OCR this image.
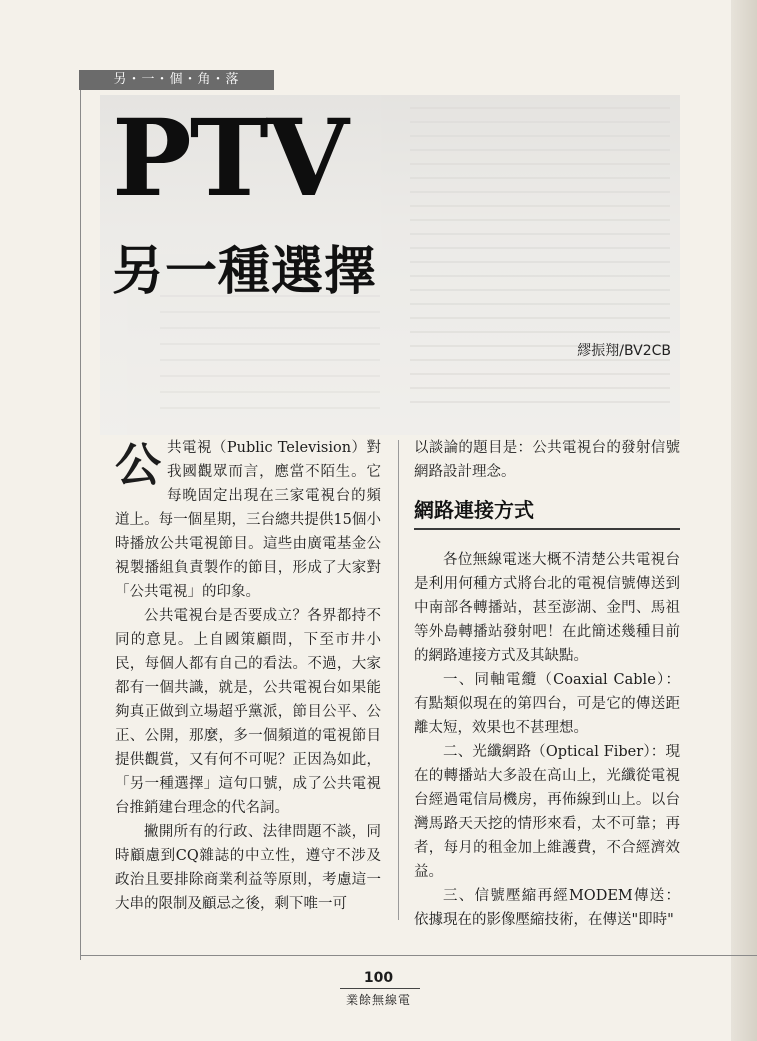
另・一・個・角・落
PTV
另一種選擇
繆振翔/BV2CB

公共電視（Public Television）對我國觀眾而言，應當不陌生。它每晚固定出現在三家電視台的頻道上。每一個星期，三台總共提供15個小時播放公共電視節目。這些由廣電基金公視製播組負責製作的節目，形成了大家對「公共電視」的印象。

公共電視台是否要成立？各界都持不同的意見。上自國策顧問，下至市井小民，每個人都有自己的看法。不過，大家都有一個共識，就是，公共電視台如果能夠真正做到立場超乎黨派，節目公平、公正、公開，那麼，多一個頻道的電視節目提供觀賞，又有何不可呢？正因為如此，「另一種選擇」這句口號，成了公共電視台推銷建台理念的代名詞。

撇開所有的行政、法律問題不談，同時顧慮到CQ雜誌的中立性，遵守不涉及政治且要排除商業利益等原則，考慮這一大串的限制及顧忌之後，剩下唯一可

以談論的題目是：公共電視台的發射信號網路設計理念。

網路連接方式

各位無線電迷大概不清楚公共電視台是利用何種方式將台北的電視信號傳送到中南部各轉播站，甚至澎湖、金門、馬祖等外島轉播站發射吧！在此簡述幾種目前的網路連接方式及其缺點。

一、同軸電纜（Coaxial Cable）：有點類似現在的第四台，可是它的傳送距離太短，效果也不甚理想。

二、光纖網路（Optical Fiber）：現在的轉播站大多設在高山上，光纖從電視台經過電信局機房，再佈線到山上。以台灣馬路天天挖的情形來看，太不可靠；再者，每月的租金加上維護費，不合經濟效益。

三、信號壓縮再經MODEM傳送：依據現在的影像壓縮技術，在傳送"即時"

100
業餘無線電
